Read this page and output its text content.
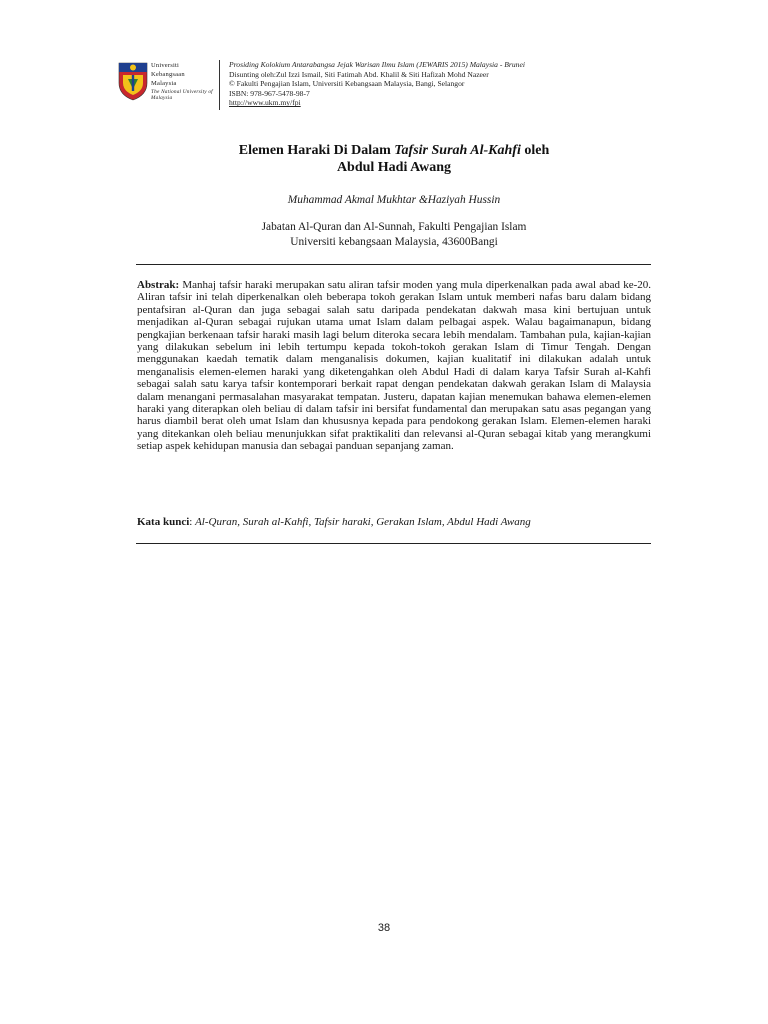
Universiti
Kebangsaan
Malaysia
The National University of Malaysia
Prosiding Kolokium Antarabangsa Jejak Warisan Ilmu Islam (JEWARIS 2015) Malaysia - Brunei
Disunting oleh:Zul Izzi Ismail, Siti Fatimah Abd. Khalil & Siti Hafizah Mohd Nazeer
© Fakulti Pengajian Islam, Universiti Kebangsaan Malaysia, Bangi, Selangor
ISBN: 978-967-5478-98-7
http://www.ukm.my/fpi
Elemen Haraki Di Dalam Tafsir Surah Al-Kahfi oleh
Abdul Hadi Awang
Muhammad Akmal Mukhtar &Haziyah Hussin
Jabatan Al-Quran dan Al-Sunnah, Fakulti Pengajian Islam
Universiti kebangsaan Malaysia, 43600Bangi
Abstrak: Manhaj tafsir haraki merupakan satu aliran tafsir moden yang mula diperkenalkan pada awal abad ke-20. Aliran tafsir ini telah diperkenalkan oleh beberapa tokoh gerakan Islam untuk memberi nafas baru dalam bidang pentafsiran al-Quran dan juga sebagai salah satu daripada pendekatan dakwah masa kini bertujuan untuk menjadikan al-Quran sebagai rujukan utama umat Islam dalam pelbagai aspek. Walau bagaimanapun, bidang pengkajian berkenaan tafsir haraki masih lagi belum diteroka secara lebih mendalam. Tambahan pula, kajian-kajian yang dilakukan sebelum ini lebih tertumpu kepada tokoh-tokoh gerakan Islam di Timur Tengah. Dengan menggunakan kaedah tematik dalam menganalisis dokumen, kajian kualitatif ini dilakukan adalah untuk menganalisis elemen-elemen haraki yang diketengahkan oleh Abdul Hadi di dalam karya Tafsir Surah al-Kahfi sebagai salah satu karya tafsir kontemporari berkait rapat dengan pendekatan dakwah gerakan Islam di Malaysia dalam menangani permasalahan masyarakat tempatan. Justeru, dapatan kajian menemukan bahawa elemen-elemen haraki yang diterapkan oleh beliau di dalam tafsir ini bersifat fundamental dan merupakan satu asas pegangan yang harus diambil berat oleh umat Islam dan khususnya kepada para pendokong gerakan Islam. Elemen-elemen haraki yang ditekankan oleh beliau menunjukkan sifat praktikaliti dan relevansi al-Quran sebagai kitab yang merangkumi setiap aspek kehidupan manusia dan sebagai panduan sepanjang zaman.
Kata kunci: Al-Quran, Surah al-Kahfi, Tafsir haraki, Gerakan Islam, Abdul Hadi Awang
38
